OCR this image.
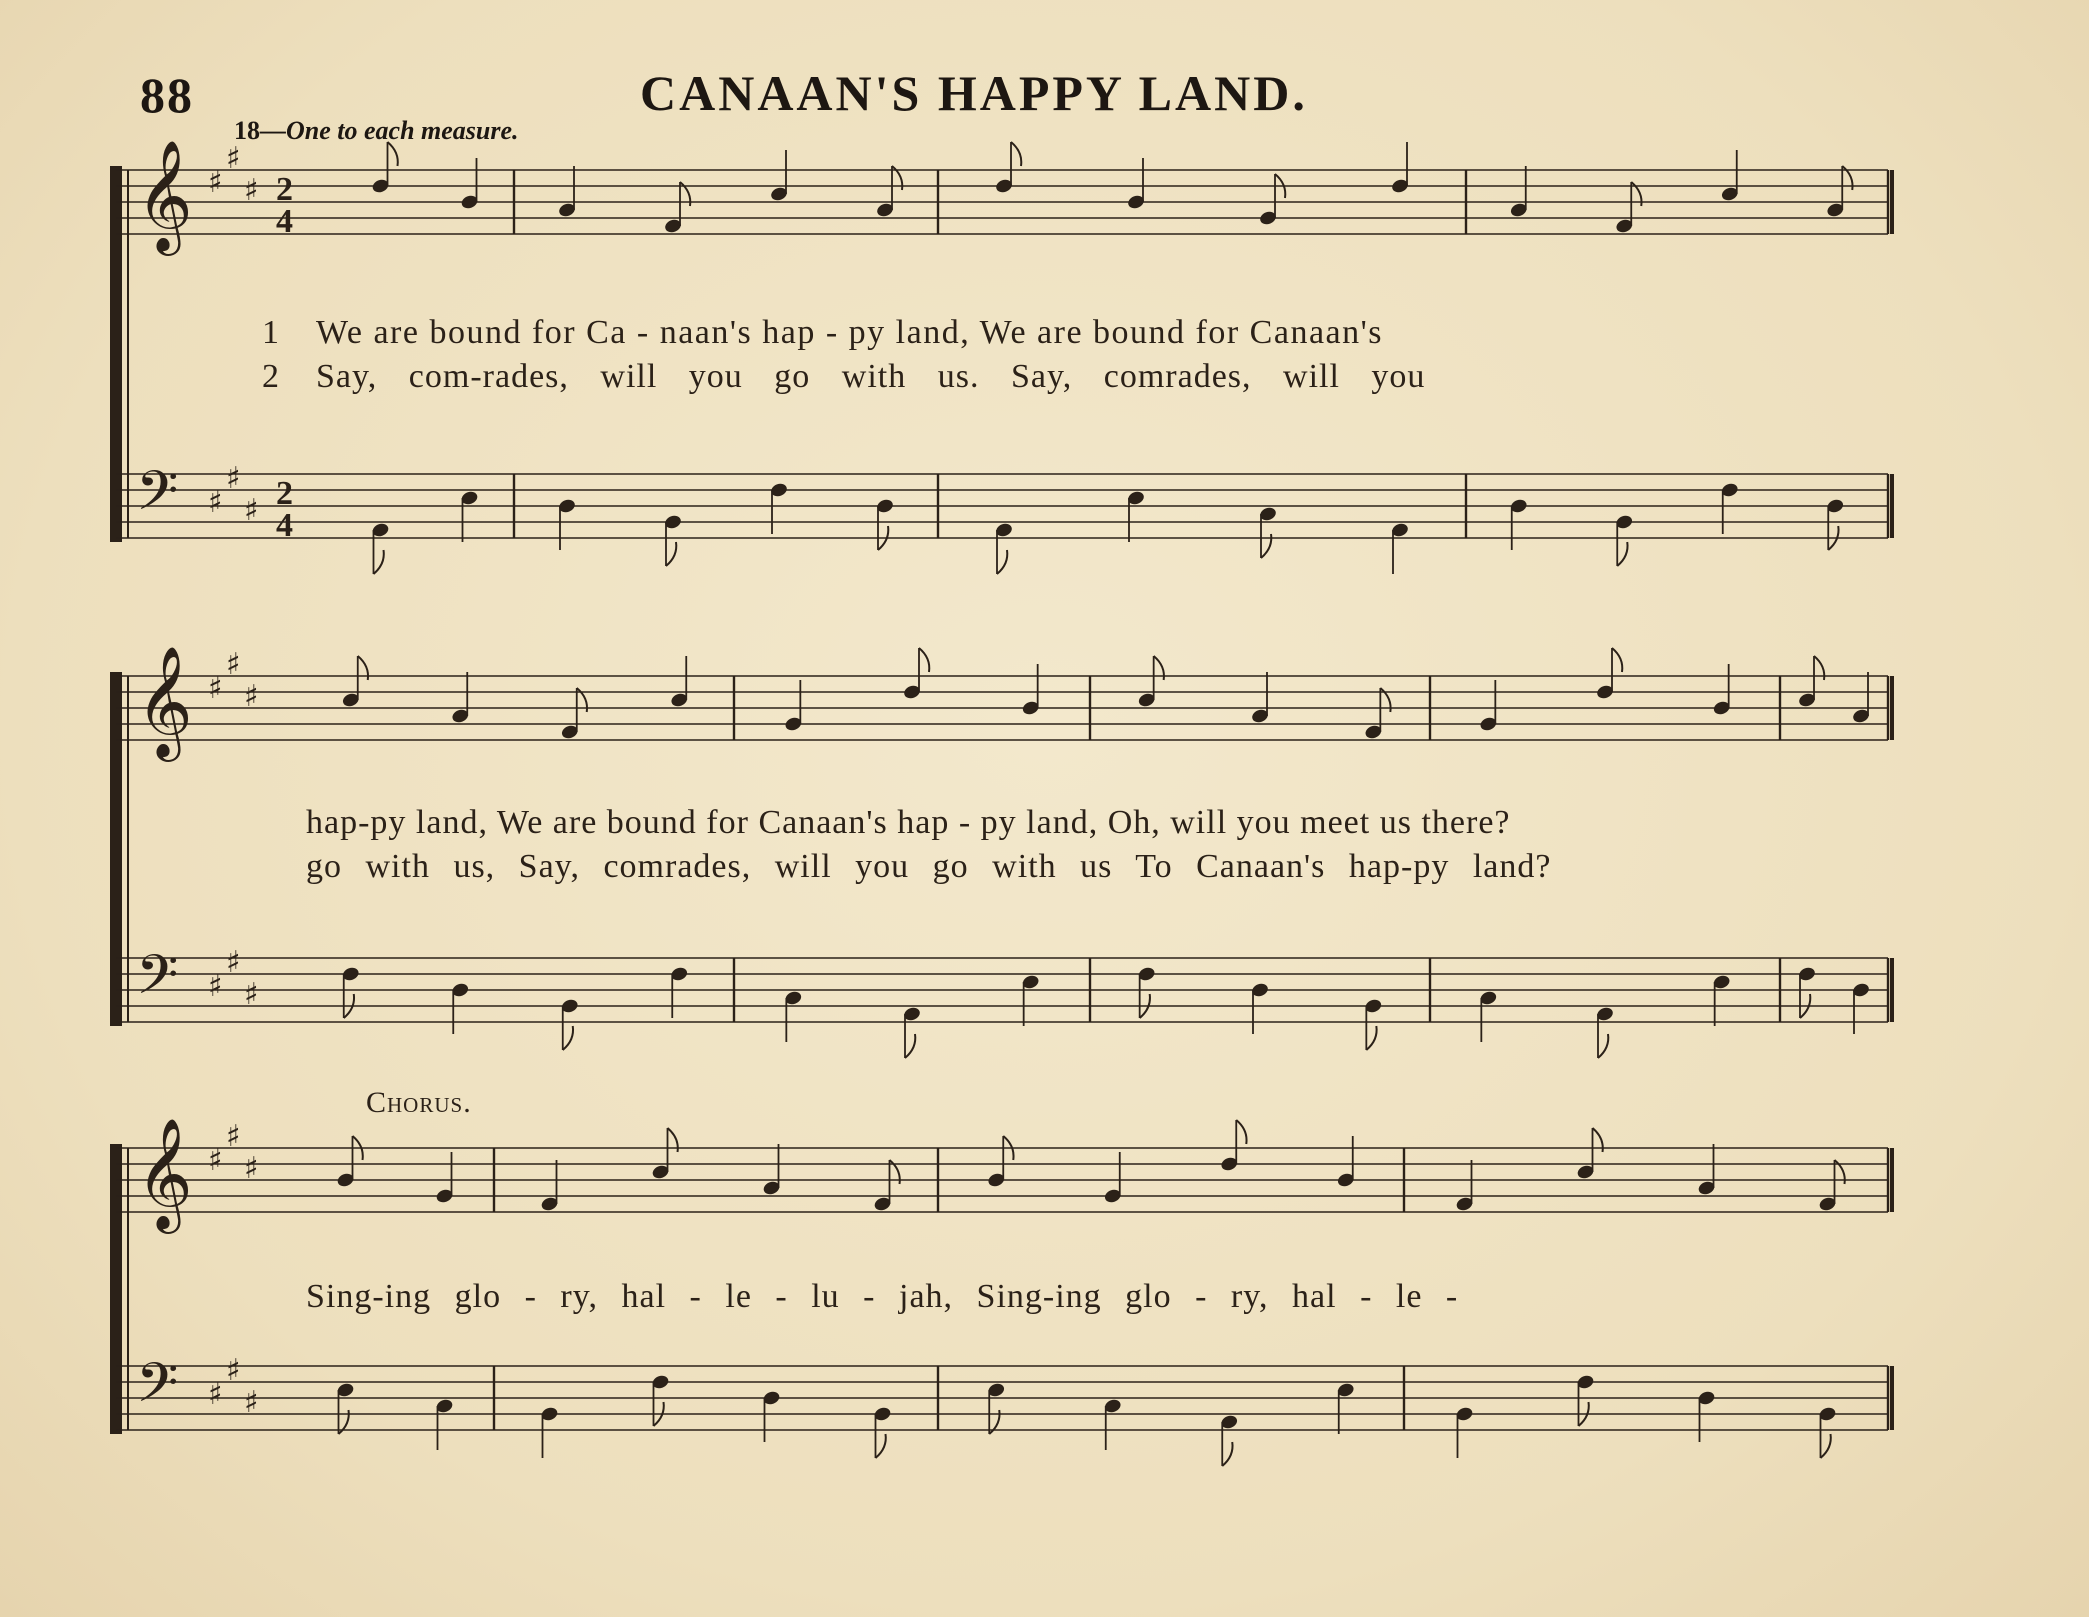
88	CANAAN'S HAPPY LAND.
18—One to each measure.
𝄞 ♯
♯
♯ 2
4
𝄢 ♯
♯
♯ 2
4
𝄞 ♯
♯
♯
𝄢 ♯
♯
♯
𝄞 ♯
♯
♯
𝄢 ♯
♯
♯
1 We are bound for Ca - naan's hap - py land, We are bound for Canaan's
2 Say, com-rades, will you go with us. Say, comrades, will you
hap-py land, We are bound for Canaan's hap - py land, Oh, will you meet us there?
go with us, Say, comrades, will you go with us To Canaan's hap-py land?
Chorus.
Sing-ing glo - ry, hal - le - lu - jah, Sing-ing glo - ry, hal - le -
